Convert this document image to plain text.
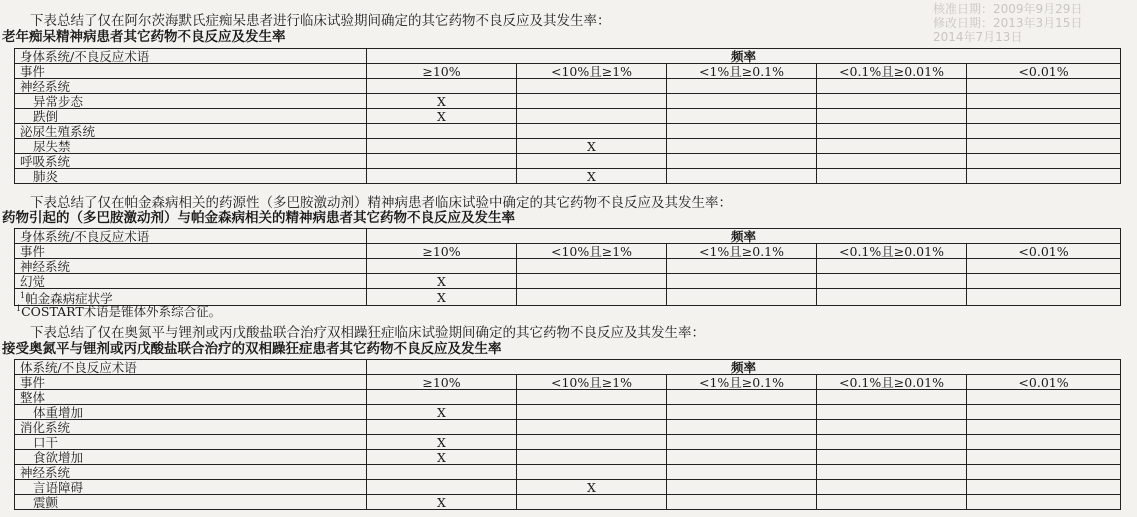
核准日期：2009年9月29日
修改日期：2013年3月15日
2014年7月13日
下表总结了仅在阿尔茨海默氏症痴呆患者进行临床试验期间确定的其它药物不良反应及其发生率：
老年痴呆精神病患者其它药物不良反应及发生率
身体系统/不良反应术语	频率				
事件	≥10%	<10%且≥1%	<1%且≥0.1%	<0.1%且≥0.01%	<0.01%
神经系统					
异常步态	X				
跌倒	X				
泌尿生殖系统					
尿失禁		X			
呼吸系统					
肺炎		X			
下表总结了仅在帕金森病相关的药源性（多巴胺激动剂）精神病患者临床试验中确定的其它药物不良反应及其发生率：
药物引起的（多巴胺激动剂）与帕金森病相关的精神病患者其它药物不良反应及发生率
身体系统/不良反应术语	频率				
事件	≥10%	<10%且≥1%	<1%且≥0.1%	<0.1%且≥0.01%	<0.01%
神经系统					
幻觉	X				
$^1$帕金森病症状学	X				
$^1$COSTART术语是锥体外系综合征。
下表总结了仅在奥氮平与锂剂或丙戊酸盐联合治疗双相躁狂症临床试验期间确定的其它药物不良反应及其发生率：
接受奥氮平与锂剂或丙戊酸盐联合治疗的双相躁狂症患者其它药物不良反应及发生率
体系统/不良反应术语	频率				
事件	≥10%	<10%且≥1%	<1%且≥0.1%	<0.1%且≥0.01%	<0.01%
整体					
体重增加	X				
消化系统					
口干	X				
食欲增加	X				
神经系统					
言语障碍		X			
震颤	X				
